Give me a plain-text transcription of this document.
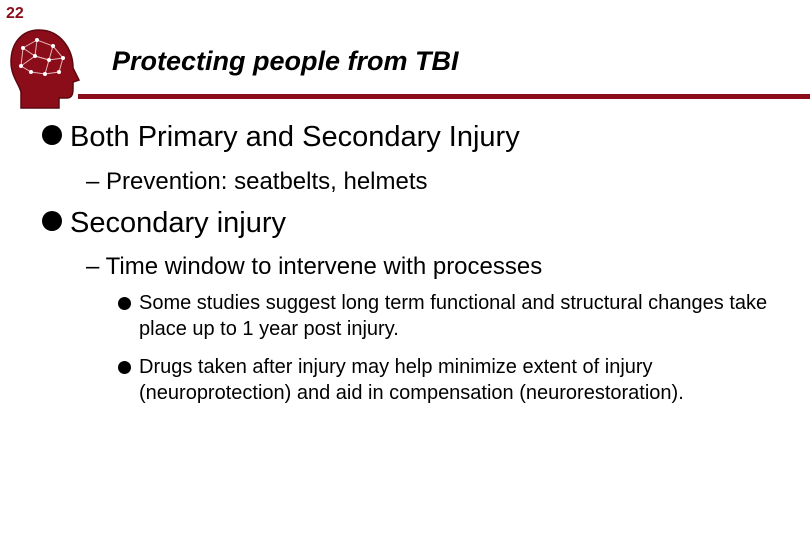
22
Protecting people from TBI
Both Primary and Secondary Injury
– Prevention: seatbelts, helmets
Secondary injury
– Time window to intervene with processes
Some studies suggest long term functional and structural changes take place up to 1 year post injury.
Drugs taken after injury may help minimize extent of injury (neuroprotection) and aid in compensation (neurorestoration).
